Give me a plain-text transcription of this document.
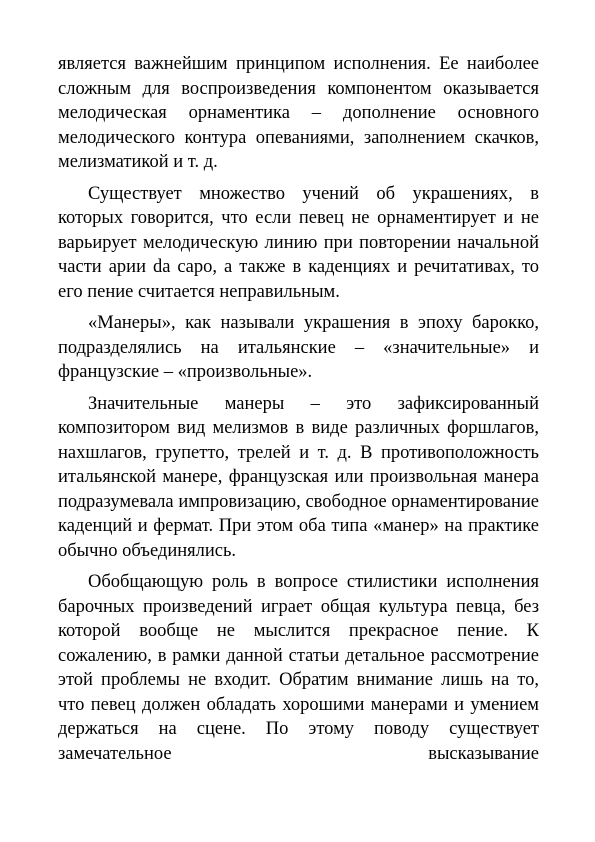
является важнейшим принципом исполнения. Ее наиболее сложным для воспроизведения компонентом оказывается мелодическая орнаментика – дополнение основного мелодического контура опеваниями, заполнением скачков, мелизматикой и т. д.

Существует множество учений об украшениях, в которых говорится, что если певец не орнаментирует и не варьирует мелодическую линию при повторении начальной части арии da capo, а также в каденциях и речитативах, то его пение считается неправильным.

«Манеры», как называли украшения в эпоху барокко, подразделялись на итальянские – «значительные» и французские – «произвольные».

Значительные манеры – это зафиксированный композитором вид мелизмов в виде различных форшлагов, нахшлагов, групетто, трелей и т. д. В противоположность итальянской манере, французская или произвольная манера подразумевала импровизацию, свободное орнаментирование каденций и фермат. При этом оба типа «манер» на практике обычно объединялись.

Обобщающую роль в вопросе стилистики исполнения барочных произведений играет общая культура певца, без которой вообще не мыслится прекрасное пение. К сожалению, в рамки данной статьи детальное рассмотрение этой проблемы не входит. Обратим внимание лишь на то, что певец должен обладать хорошими манерами и умением держаться на сцене. По этому поводу существует замечательное высказывание
